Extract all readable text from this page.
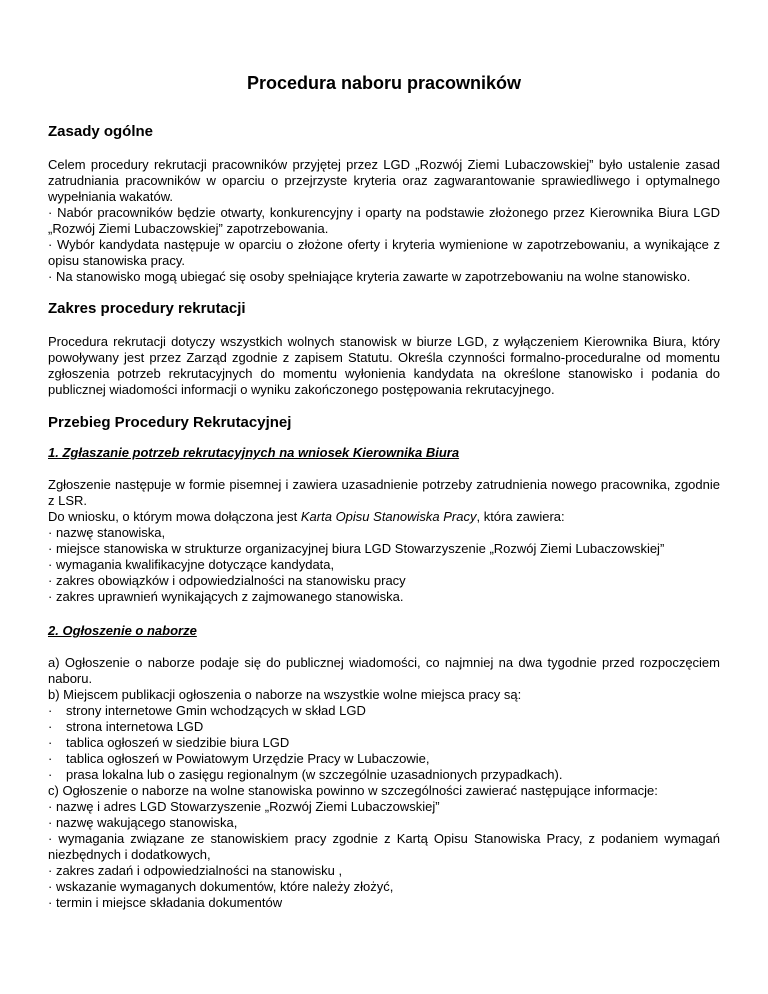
Procedura naboru pracowników
Zasady ogólne

Celem procedury rekrutacji pracowników przyjętej przez LGD „Rozwój Ziemi Lubaczowskiej” było ustalenie zasad zatrudniania pracowników w oparciu o przejrzyste kryteria oraz zagwarantowanie sprawiedliwego i optymalnego wypełniania wakatów.

· Nabór pracowników będzie otwarty, konkurencyjny i oparty na podstawie złożonego przez Kierownika Biura LGD „Rozwój Ziemi Lubaczowskiej” zapotrzebowania.

· Wybór kandydata następuje w oparciu o złożone oferty i kryteria wymienione w zapotrzebowaniu, a wynikające z opisu stanowiska pracy.

· Na stanowisko mogą ubiegać się osoby spełniające kryteria zawarte w zapotrzebowaniu na wolne stanowisko.

Zakres procedury rekrutacji

Procedura rekrutacji dotyczy wszystkich wolnych stanowisk w biurze LGD, z wyłączeniem Kierownika Biura, który powoływany jest przez Zarząd zgodnie z zapisem Statutu. Określa czynności formalno-proceduralne od momentu zgłoszenia potrzeb rekrutacyjnych do momentu wyłonienia kandydata na określone stanowisko i podania do publicznej wiadomości informacji o wyniku zakończonego postępowania rekrutacyjnego.

Przebieg Procedury Rekrutacyjnej
1. Zgłaszanie potrzeb rekrutacyjnych na wniosek Kierownika Biura

Zgłoszenie następuje w formie pisemnej i zawiera uzasadnienie potrzeby zatrudnienia nowego pracownika, zgodnie z LSR.

Do wniosku, o którym mowa dołączona jest Karta Opisu Stanowiska Pracy, która zawiera:

· nazwę stanowiska,

· miejsce stanowiska w strukturze organizacyjnej biura LGD Stowarzyszenie „Rozwój Ziemi Lubaczowskiej”

· wymagania kwalifikacyjne dotyczące kandydata,

· zakres obowiązków i odpowiedzialności na stanowisku pracy

· zakres uprawnień wynikających z zajmowanego stanowiska.

2. Ogłoszenie o naborze

a) Ogłoszenie o naborze podaje się do publicznej wiadomości, co najmniej na dwa tygodnie przed rozpoczęciem naboru.

b) Miejscem publikacji ogłoszenia o naborze na wszystkie wolne miejsca pracy są:

·	strony internetowe Gmin wchodzących w skład LGD
·	strona internetowa LGD
·	tablica ogłoszeń w siedzibie biura LGD
·	tablica ogłoszeń w Powiatowym Urzędzie Pracy w Lubaczowie,
·	prasa lokalna lub o zasięgu regionalnym (w szczególnie uzasadnionych przypadkach).

c) Ogłoszenie o naborze na wolne stanowiska powinno w szczególności zawierać następujące informacje:

· nazwę i adres LGD Stowarzyszenie „Rozwój Ziemi Lubaczowskiej”

· nazwę wakującego stanowiska,

· wymagania związane ze stanowiskiem pracy zgodnie z Kartą Opisu Stanowiska Pracy, z podaniem wymagań niezbędnych i dodatkowych,

· zakres zadań i odpowiedzialności na stanowisku ,

· wskazanie wymaganych dokumentów, które należy złożyć,

· termin i miejsce składania dokumentów
